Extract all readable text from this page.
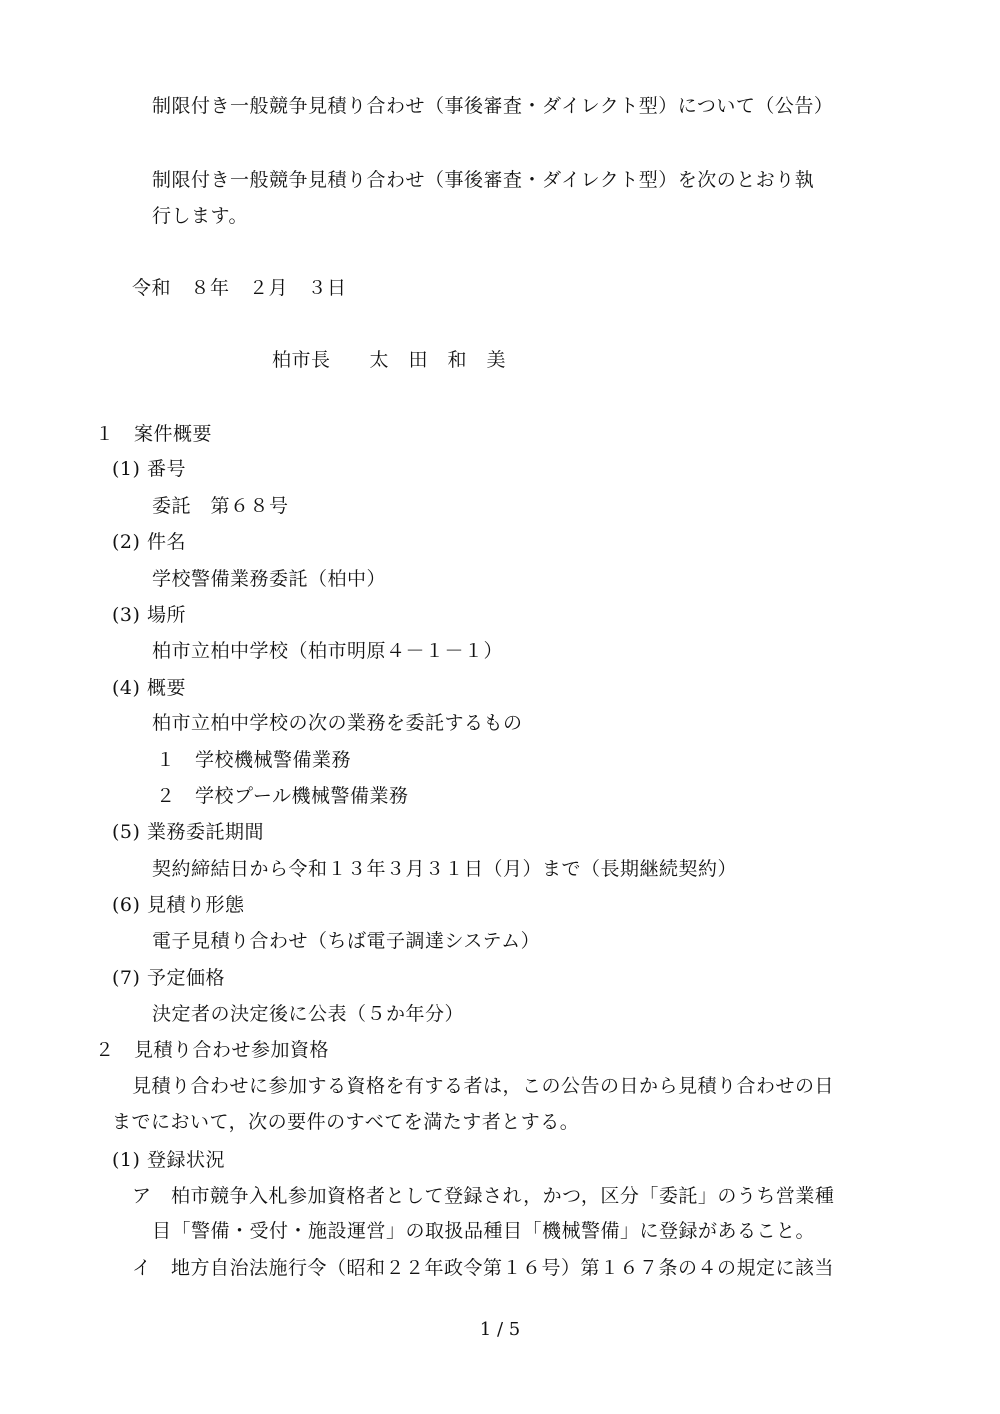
制限付き一般競争見積り合わせ（事後審査・ダイレクト型）について（公告）
制限付き一般競争見積り合わせ（事後審査・ダイレクト型）を次のとおり執
行します。
令和　８年　２月　３日
柏市長　　太　田　和　美
１　案件概要
(1) 番号
委託　第６８号
(2) 件名
学校警備業務委託（柏中）
(3) 場所
柏市立柏中学校（柏市明原４－１－１）
(4) 概要
柏市立柏中学校の次の業務を委託するもの
１　学校機械警備業務
２　学校プール機械警備業務
(5) 業務委託期間
契約締結日から令和１３年３月３１日（月）まで（長期継続契約）
(6) 見積り形態
電子見積り合わせ（ちば電子調達システム）
(7) 予定価格
決定者の決定後に公表（５か年分）
２　見積り合わせ参加資格
見積り合わせに参加する資格を有する者は，この公告の日から見積り合わせの日
までにおいて，次の要件のすべてを満たす者とする。
(1) 登録状況
ア　柏市競争入札参加資格者として登録され，かつ，区分「委託」のうち営業種
目「警備・受付・施設運営」の取扱品種目「機械警備」に登録があること。
イ　地方自治法施行令（昭和２２年政令第１６号）第１６７条の４の規定に該当
1 / 5
